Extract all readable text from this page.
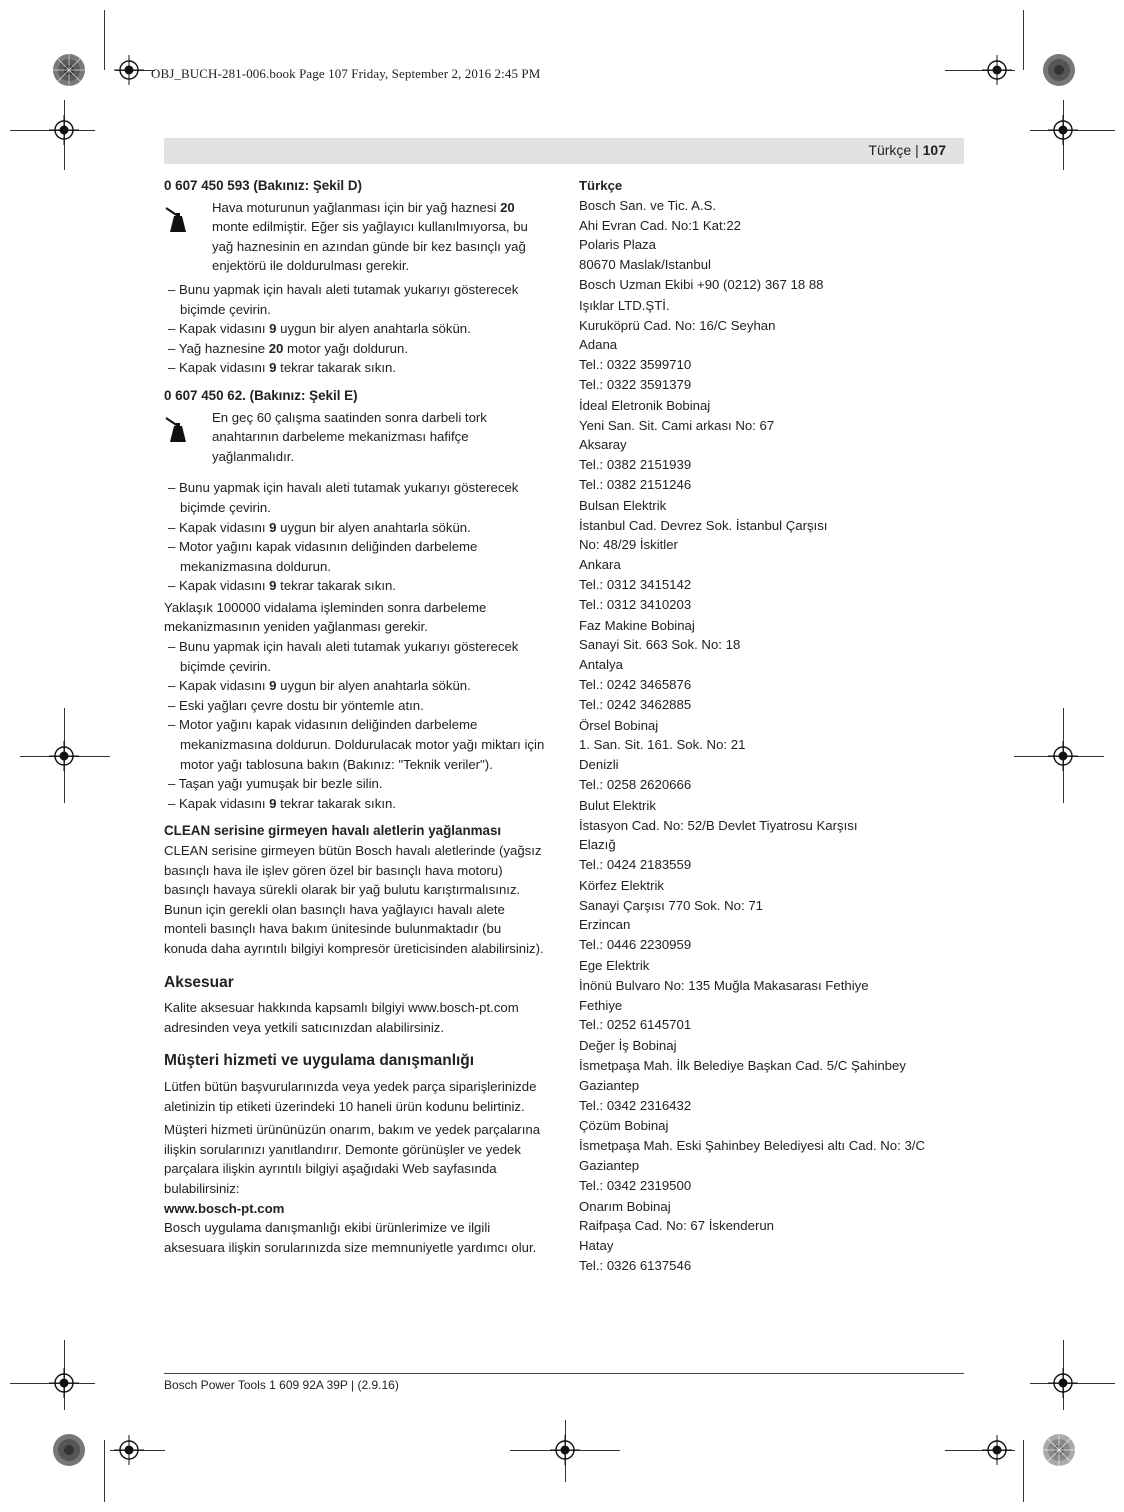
OBJ_BUCH-281-006.book Page 107 Friday, September 2, 2016 2:45 PM
Türkçe | 107

0 607 450 593 (Bakınız: Şekil D)

Hava moturunun yağlanması için bir yağ haznesi 20 monte edilmiştir. Eğer sis yağlayıcı kullanılmıyorsa, bu yağ haznesinin en azından günde bir kez basınçlı yağ enjektörü ile doldurulması gerekir.

– Bunu yapmak için havalı aleti tutamak yukarıyı gösterecek biçimde çevirin.

– Kapak vidasını 9 uygun bir alyen anahtarla sökün.

– Yağ haznesine 20 motor yağı doldurun.

– Kapak vidasını 9 tekrar takarak sıkın.

0 607 450 62. (Bakınız: Şekil E)

En geç 60 çalışma saatinden sonra darbeli tork anahtarının darbeleme mekanizması hafifçe yağlanmalıdır.

– Bunu yapmak için havalı aleti tutamak yukarıyı gösterecek biçimde çevirin.

– Kapak vidasını 9 uygun bir alyen anahtarla sökün.

– Motor yağını kapak vidasının deliğinden darbeleme mekanizmasına doldurun.

– Kapak vidasını 9 tekrar takarak sıkın.

Yaklaşık 100000 vidalama işleminden sonra darbeleme mekanizmasının yeniden yağlanması gerekir.

– Bunu yapmak için havalı aleti tutamak yukarıyı gösterecek biçimde çevirin.

– Kapak vidasını 9 uygun bir alyen anahtarla sökün.

– Eski yağları çevre dostu bir yöntemle atın.

– Motor yağını kapak vidasının deliğinden darbeleme mekanizmasına doldurun. Doldurulacak motor yağı miktarı için motor yağı tablosuna bakın (Bakınız: "Teknik veriler").

– Taşan yağı yumuşak bir bezle silin.

– Kapak vidasını 9 tekrar takarak sıkın.

CLEAN serisine girmeyen havalı aletlerin yağlanması

CLEAN serisine girmeyen bütün Bosch havalı aletlerinde (yağsız basınçlı hava ile işlev gören özel bir basınçlı hava motoru) basınçlı havaya sürekli olarak bir yağ bulutu karıştırmalısınız. Bunun için gerekli olan basınçlı hava yağlayıcı havalı alete monteli basınçlı hava bakım ünitesinde bulunmaktadır (bu konuda daha ayrıntılı bilgiyi kompresör üreticisinden alabilirsiniz).

Aksesuar

Kalite aksesuar hakkında kapsamlı bilgiyi www.bosch-pt.com adresinden veya yetkili satıcınızdan alabilirsiniz.

Müşteri hizmeti ve uygulama danışmanlığı

Lütfen bütün başvurularınızda veya yedek parça siparişlerinizde aletinizin tip etiketi üzerindeki 10 haneli ürün kodunu belirtiniz.

Müşteri hizmeti ürününüzün onarım, bakım ve yedek parçalarına ilişkin sorularınızı yanıtlandırır. Demonte görünüşler ve yedek parçalara ilişkin ayrıntılı bilgiyi aşağıdaki Web sayfasında bulabilirsiniz:

www.bosch-pt.com

Bosch uygulama danışmanlığı ekibi ürünlerimize ve ilgili aksesuara ilişkin sorularınızda size memnuniyetle yardımcı olur.

Türkçe

Bosch San. ve Tic. A.S.

Ahi Evran Cad. No:1 Kat:22

Polaris Plaza

80670 Maslak/Istanbul

Bosch Uzman Ekibi +90 (0212) 367 18 88

Işıklar LTD.ŞTİ.

Kuruköprü Cad. No: 16/C Seyhan

Adana

Tel.: 0322 3599710

Tel.: 0322 3591379

İdeal Eletronik Bobinaj

Yeni San. Sit. Cami arkası No: 67

Aksaray

Tel.: 0382 2151939

Tel.: 0382 2151246

Bulsan Elektrik

İstanbul Cad. Devrez Sok. İstanbul Çarşısı

No: 48/29 İskitler

Ankara

Tel.: 0312 3415142

Tel.: 0312 3410203

Faz Makine Bobinaj

Sanayi Sit. 663 Sok. No: 18

Antalya

Tel.: 0242 3465876

Tel.: 0242 3462885

Örsel Bobinaj

1. San. Sit. 161. Sok. No: 21

Denizli

Tel.: 0258 2620666

Bulut Elektrik

İstasyon Cad. No: 52/B Devlet Tiyatrosu Karşısı

Elazığ

Tel.: 0424 2183559

Körfez Elektrik

Sanayi Çarşısı 770 Sok. No: 71

Erzincan

Tel.: 0446 2230959

Ege Elektrik

İnönü Bulvaro No: 135 Muğla Makasarası Fethiye

Fethiye

Tel.: 0252 6145701

Değer İş Bobinaj

İsmetpaşa Mah. İlk Belediye Başkan Cad. 5/C Şahinbey

Gaziantep

Tel.: 0342 2316432

Çözüm Bobinaj

İsmetpaşa Mah. Eski Şahinbey Belediyesi altı Cad. No: 3/C

Gaziantep

Tel.: 0342 2319500

Onarım Bobinaj

Raifpaşa Cad. No: 67 İskenderun

Hatay

Tel.: 0326 6137546

Bosch Power Tools 1 609 92A 39P | (2.9.16)
